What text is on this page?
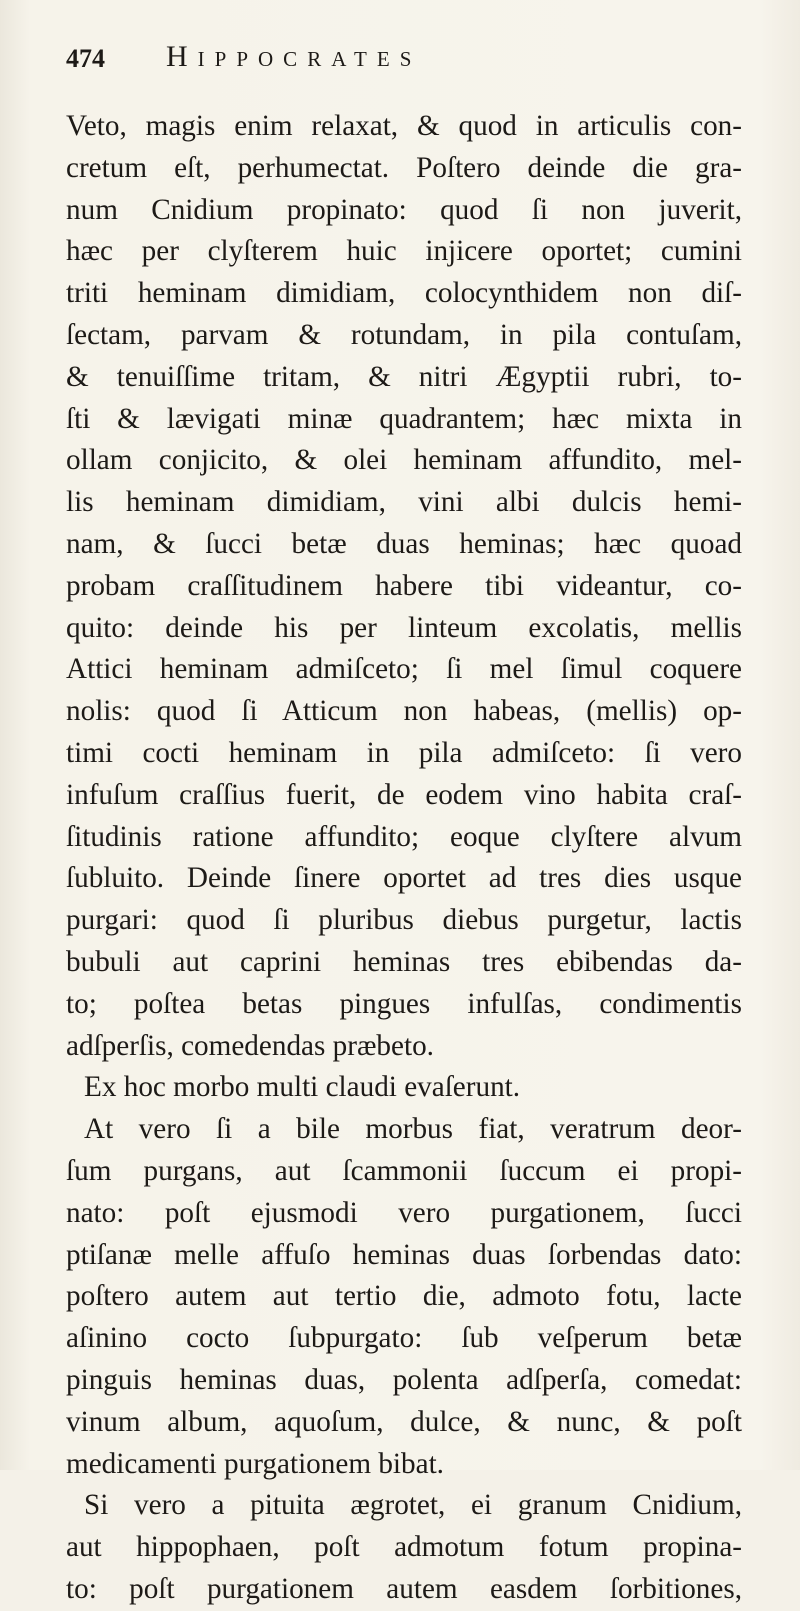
474 Hippocrates
Veto, magis enim relaxat, & quod in articulis con-
cretum eſt, perhumectat. Poſtero deinde die gra-
num Cnidium propinato: quod ſi non juverit,
hæc per clyſterem huic injicere oportet; cumini
triti heminam dimidiam, colocynthidem non diſ-
ſectam, parvam & rotundam, in pila contuſam,
& tenuiſſime tritam, & nitri Ægyptii rubri, to-
ſti & lævigati minæ quadrantem; hæc mixta in
ollam conjicito, & olei heminam affundito, mel-
lis heminam dimidiam, vini albi dulcis hemi-
nam, & ſucci betæ duas heminas; hæc quoad
probam craſſitudinem habere tibi videantur, co-
quito: deinde his per linteum excolatis, mellis
Attici heminam admiſceto; ſi mel ſimul coquere
nolis: quod ſi Atticum non habeas, (mellis) op-
timi cocti heminam in pila admiſceto: ſi vero
infuſum craſſius fuerit, de eodem vino habita craſ-
ſitudinis ratione affundito; eoque clyſtere alvum
ſubluito. Deinde ſinere oportet ad tres dies usque
purgari: quod ſi pluribus diebus purgetur, lactis
bubuli aut caprini heminas tres ebibendas da-
to; poſtea betas pingues infulſas, condimentis
adſperſis, comedendas præbeto.
Ex hoc morbo multi claudi evaſerunt.
At vero ſi a bile morbus fiat, veratrum deor-
ſum purgans, aut ſcammonii ſuccum ei propi-
nato: poſt ejusmodi vero purgationem, ſucci
ptiſanæ melle affuſo heminas duas ſorbendas dato:
poſtero autem aut tertio die, admoto fotu, lacte
aſinino cocto ſubpurgato: ſub veſperum betæ
pinguis heminas duas, polenta adſperſa, comedat:
vinum album, aquoſum, dulce, & nunc, & poſt
medicamenti purgationem bibat.
Si vero a pituita ægrotet, ei granum Cnidium,
aut hippophaen, poſt admotum fotum propina-
to: poſt purgationem autem easdem ſorbitiones,
